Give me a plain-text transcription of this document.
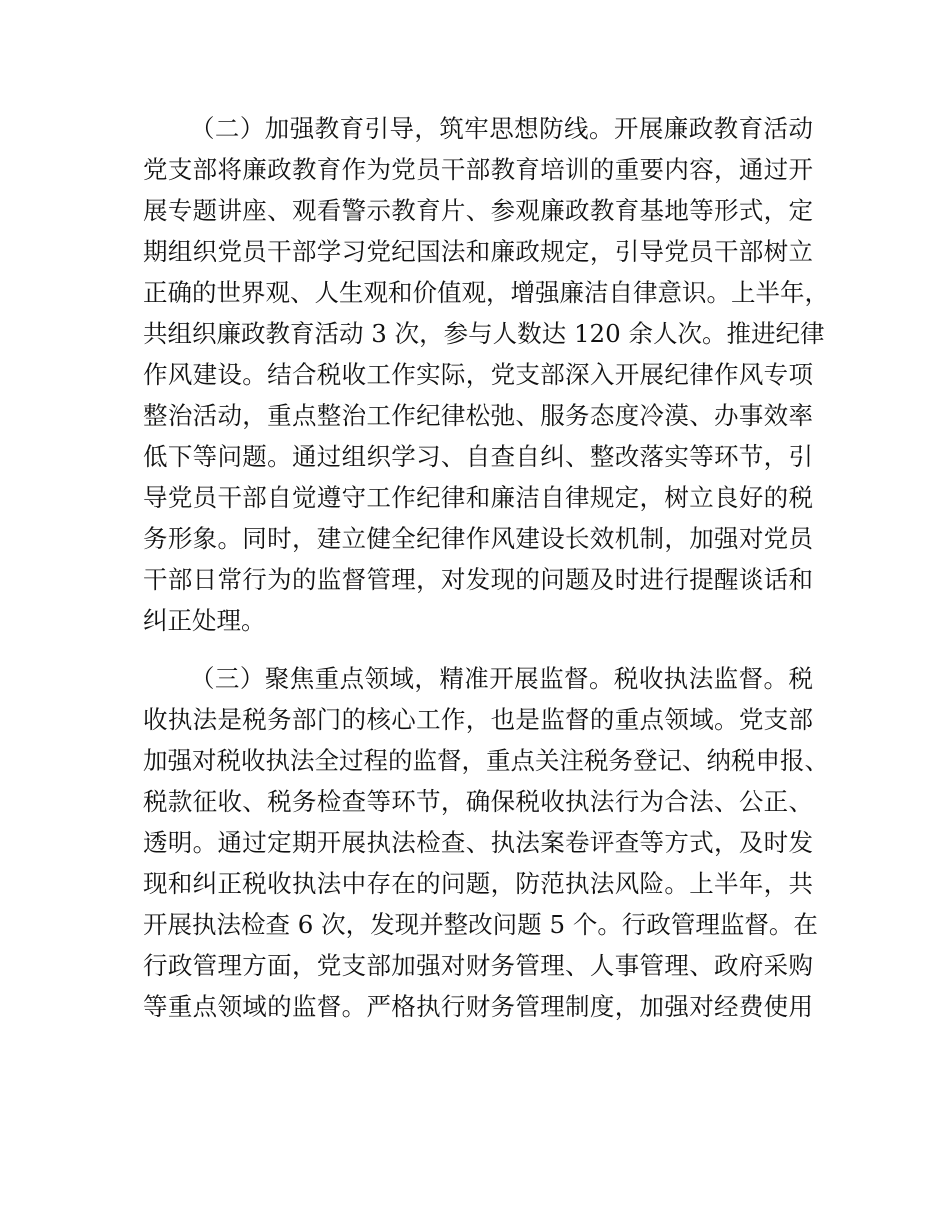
（二）加强教育引导，筑牢思想防线。开展廉政教育活动
党支部将廉政教育作为党员干部教育培训的重要内容，通过开
展专题讲座、观看警示教育片、参观廉政教育基地等形式，定
期组织党员干部学习党纪国法和廉政规定，引导党员干部树立
正确的世界观、人生观和价值观，增强廉洁自律意识。上半年，
共组织廉政教育活动 3 次，参与人数达 120 余人次。推进纪律
作风建设。结合税收工作实际，党支部深入开展纪律作风专项
整治活动，重点整治工作纪律松弛、服务态度冷漠、办事效率
低下等问题。通过组织学习、自查自纠、整改落实等环节，引
导党员干部自觉遵守工作纪律和廉洁自律规定，树立良好的税
务形象。同时，建立健全纪律作风建设长效机制，加强对党员
干部日常行为的监督管理，对发现的问题及时进行提醒谈话和
纠正处理。
（三）聚焦重点领域，精准开展监督。税收执法监督。税
收执法是税务部门的核心工作，也是监督的重点领域。党支部
加强对税收执法全过程的监督，重点关注税务登记、纳税申报、
税款征收、税务检查等环节，确保税收执法行为合法、公正、
透明。通过定期开展执法检查、执法案卷评查等方式，及时发
现和纠正税收执法中存在的问题，防范执法风险。上半年，共
开展执法检查 6 次，发现并整改问题 5 个。行政管理监督。在
行政管理方面，党支部加强对财务管理、人事管理、政府采购
等重点领域的监督。严格执行财务管理制度，加强对经费使用
